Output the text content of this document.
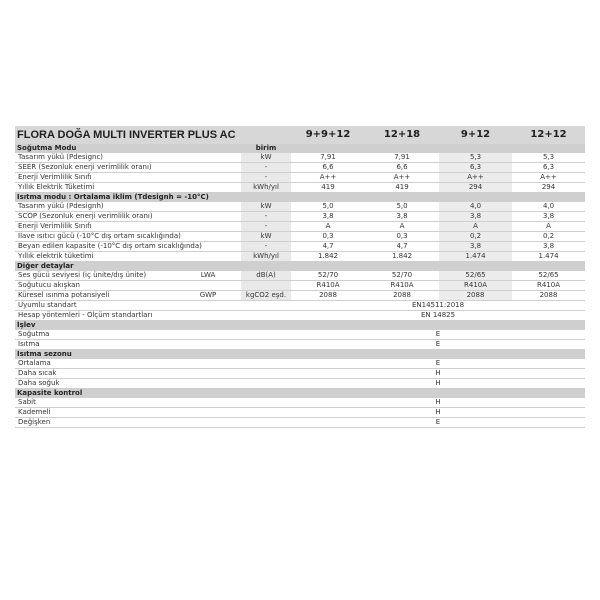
FLORA DOĞA MULTI INVERTER PLUS AC			9+9+12	12+18	9+12	12+12
Soğutma Modu		birim				
Tasarım yükü (Pdesignc)		kW	7,91	7,91	5,3	5,3
SEER (Sezonluk enerji verimlilik oranı)		-	6,6	6,6	6,3	6,3
Enerji Verimlilik Sınıfı		-	A++	A++	A++	A++
Yıllık Elektrik Tüketimi		kWh/yıl	419	419	294	294
Isıtma modu : Ortalama iklim (Tdesignh = -10°C)						
Tasarım yükü (Pdesignh)		kW	5,0	5,0	4,0	4,0
SCOP (Sezonluk enerji verimlilik oranı)		-	3,8	3,8	3,8	3,8
Enerji Verimlilik Sınıfı		-	A	A	A	A
İlave ısıtıcı gücü (-10°C dış ortam sıcaklığında)		kW	0,3	0,3	0,2	0,2
Beyan edilen kapasite (-10°C dış ortam sıcaklığında)		-	4,7	4,7	3,8	3,8
Yıllık elektrik tüketimi		kWh/yıl	1.842	1.842	1.474	1.474
Diğer detaylar						
Ses gücü seviyesi (iç ünite/dış ünite)	LWA	dB(A)	52/70	52/70	52/65	52/65
Soğutucu akışkan			R410A	R410A	R410A	R410A
Küresel ısınma potansiyeli	GWP	kgCO2 eşd.	2088	2088	2088	2088
Uyumlu standart			EN14511:2018			
Hesap yöntemleri - Ölçüm standartları			EN 14825			
İşlev						
Soğutma			E			
Isıtma			E			
Isıtma sezonu						
Ortalama			E			
Daha sıcak			H			
Daha soğuk			H			
Kapasite kontrol						
Sabit			H			
Kademeli			H			
Değişken			E			
